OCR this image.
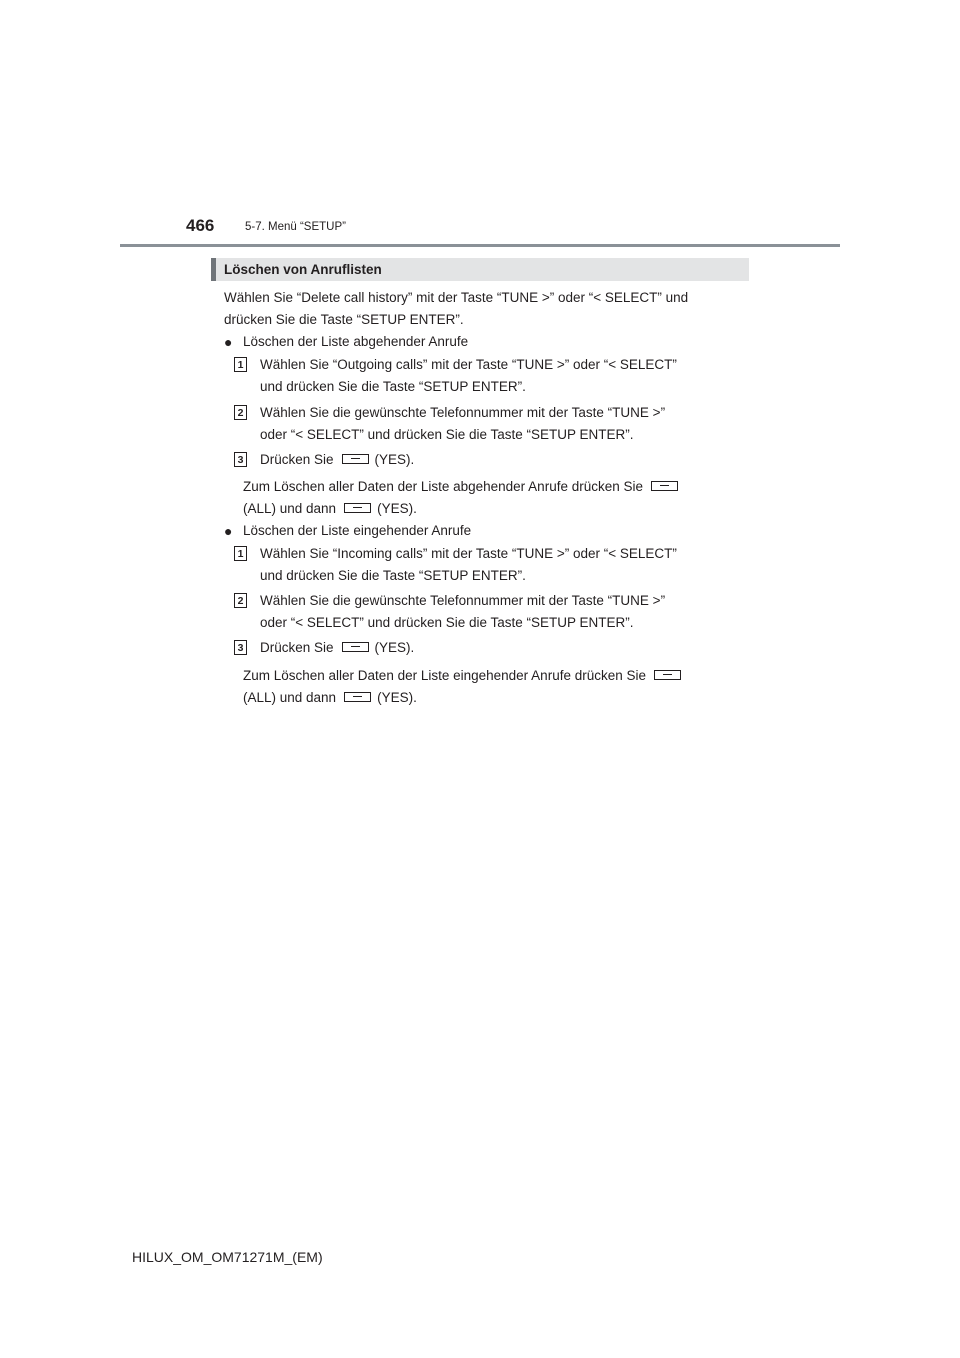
466	5-7. Menü “SETUP”
Löschen von Anruflisten
Wählen Sie “Delete call history” mit der Taste “TUNE >” oder “< SELECT” und
drücken Sie die Taste “SETUP ENTER”.
● Löschen der Liste abgehender Anrufe
1 Wählen Sie “Outgoing calls” mit der Taste “TUNE >” oder “< SELECT”
und drücken Sie die Taste “SETUP ENTER”.
2 Wählen Sie die gewünschte Telefonnummer mit der Taste “TUNE >”
oder “< SELECT” und drücken Sie die Taste “SETUP ENTER”.
3 Drücken Sie	(YES).
Zum Löschen aller Daten der Liste abgehender Anrufe drücken Sie
(ALL) und dann	(YES).
● Löschen der Liste eingehender Anrufe
1 Wählen Sie “Incoming calls” mit der Taste “TUNE >” oder “< SELECT”
und drücken Sie die Taste “SETUP ENTER”.
2 Wählen Sie die gewünschte Telefonnummer mit der Taste “TUNE >”
oder “< SELECT” und drücken Sie die Taste “SETUP ENTER”.
3 Drücken Sie	(YES).
Zum Löschen aller Daten der Liste eingehender Anrufe drücken Sie
(ALL) und dann	(YES).
HILUX_OM_OM71271M_(EM)
